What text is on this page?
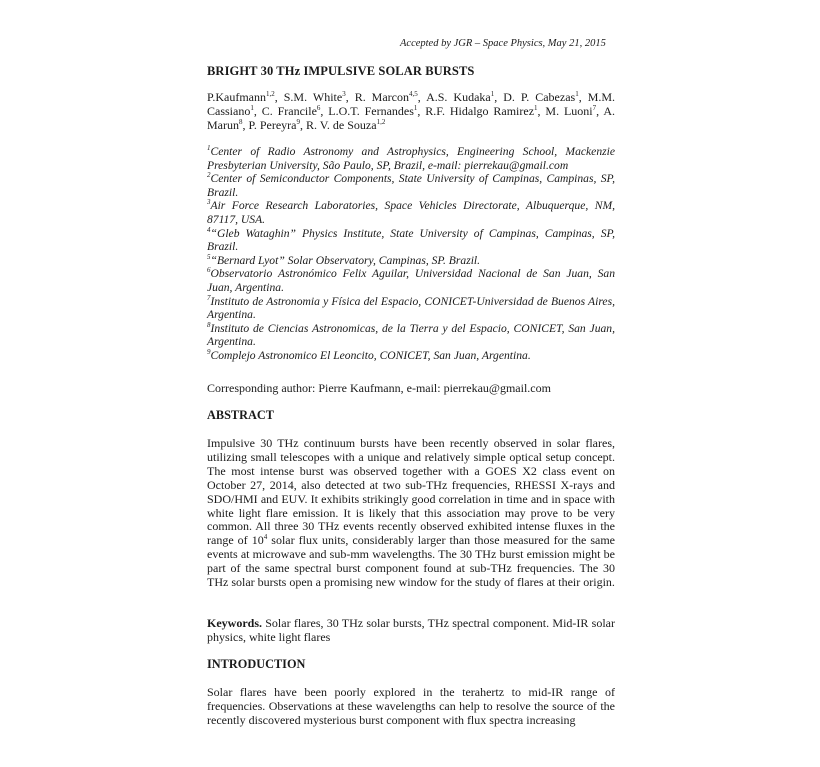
Accepted by JGR – Space Physics, May 21, 2015
BRIGHT 30 THz IMPULSIVE SOLAR BURSTS
P.Kaufmann$^{1,2}$, S.M. White$^3$, R. Marcon$^{4,5}$, A.S. Kudaka$^1$, D. P. Cabezas$^1$, M.M. Cassiano$^1$, C. Francile$^6$, L.O.T. Fernandes$^1$, R.F. Hidalgo Ramirez$^1$, M. Luoni$^7$, A. Marun$^8$, P. Pereyra$^9$, R. V. de Souza$^{1,2}$
$^1$Center of Radio Astronomy and Astrophysics, Engineering School, Mackenzie Presbyterian University, São Paulo, SP, Brazil, e-mail: pierrekau@gmail.com
$^2$Center of Semiconductor Components, State University of Campinas, Campinas, SP, Brazil.
$^3$Air Force Research Laboratories, Space Vehicles Directorate, Albuquerque, NM, 87117, USA.
$^4$“Gleb Wataghin” Physics Institute, State University of Campinas, Campinas, SP, Brazil.
$^5$“Bernard Lyot” Solar Observatory, Campinas, SP. Brazil.
$^6$Observatorio Astronómico Felix Aguilar, Universidad Nacional de San Juan, San Juan, Argentina.
$^7$Instituto de Astronomia y Física del Espacio, CONICET-Universidad de Buenos Aires, Argentina.
$^8$Instituto de Ciencias Astronomicas, de la Tierra y del Espacio, CONICET, San Juan, Argentina.
$^9$Complejo Astronomico El Leoncito, CONICET, San Juan, Argentina.
Corresponding author: Pierre Kaufmann, e-mail: pierrekau@gmail.com
ABSTRACT
Impulsive 30 THz continuum bursts have been recently observed in solar flares, utilizing small telescopes with a unique and relatively simple optical setup concept. The most intense burst was observed together with a GOES X2 class event on October 27, 2014, also detected at two sub-THz frequencies, RHESSI X-rays and SDO/HMI and EUV. It exhibits strikingly good correlation in time and in space with white light flare emission. It is likely that this association may prove to be very common. All three 30 THz events recently observed exhibited intense fluxes in the range of $10^4$ solar flux units, considerably larger than those measured for the same events at microwave and sub-mm wavelengths. The 30 THz burst emission might be part of the same spectral burst component found at sub-THz frequencies. The 30 THz solar bursts open a promising new window for the study of flares at their origin.
Keywords. Solar flares, 30 THz solar bursts, THz spectral component. Mid-IR solar physics, white light flares
INTRODUCTION
Solar flares have been poorly explored in the terahertz to mid-IR range of frequencies. Observations at these wavelengths can help to resolve the source of the recently discovered mysterious burst component with flux spectra increasing
